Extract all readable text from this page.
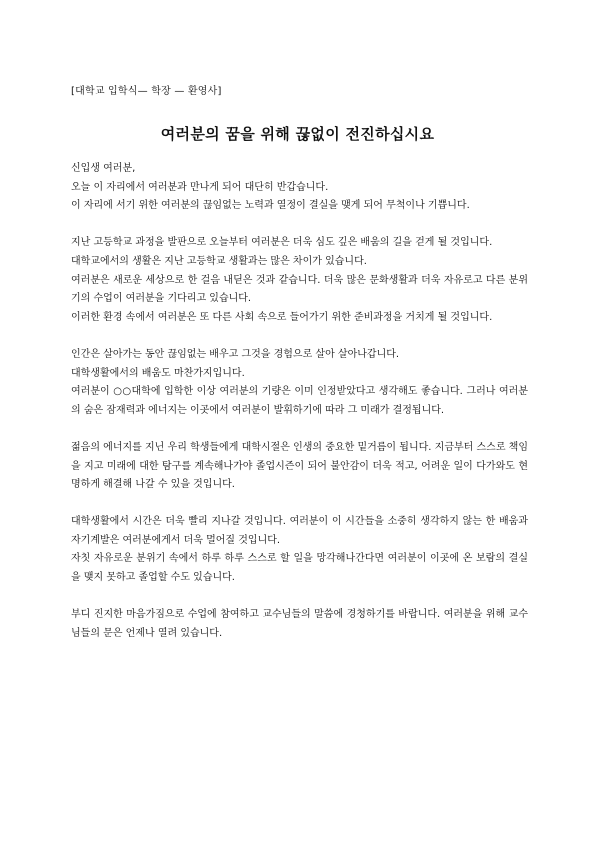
[대학교 입학식— 학장 — 환영사]
여러분의 꿈을 위해 끊없이 전진하십시요

신입생 여러분,

오늘 이 자리에서 여러분과 만나게 되어 대단히 반갑습니다.

이 자리에 서기 위한 여러분의 끊임없는 노력과 열정이 결실을 맺게 되어 무척이나 기쁩니다.

지난 고등학교 과정을 발판으로 오늘부터 여러분은 더욱 심도 깊은 배움의 길을 걷게 될 것입니다.

대학교에서의 생활은 지난 고등학교 생활과는 많은 차이가 있습니다.

여러분은 새로운 세상으로 한 걸음 내딛은 것과 같습니다. 더욱 많은 문화생활과 더욱 자유로고 다른 분위기의 수업이 여러분을 기다리고 있습니다.

이러한 환경 속에서 여러분은 또 다른 사회 속으로 들어가기 위한 준비과정을 거치게 될 것입니다.

인간은 살아가는 동안 끊임없는 배우고 그것을 경험으로 살아 살아나갑니다.

대학생활에서의 배움도 마찬가지입니다.

여러분이 ○○대학에 입학한 이상 여러분의 기량은 이미 인정받았다고 생각해도 좋습니다. 그러나 여러분의 숨은 잠재력과 에너지는 이곳에서 여러분이 발휘하기에 따라 그 미래가 결정됩니다.

젊음의 에너지를 지닌 우리 학생들에게 대학시절은 인생의 중요한 밑거름이 됩니다. 지금부터 스스로 책임을 지고 미래에 대한 탐구를 계속해나가야 졸업시즌이 되어 불안감이 더욱 적고, 어려운 일이 다가와도 현명하게 해결해 나갈 수 있을 것입니다.

대학생활에서 시간은 더욱 빨리 지나갈 것입니다. 여러분이 이 시간들을 소중히 생각하지 않는 한 배움과 자기계발은 여러분에게서 더욱 멀어질 것입니다.

자칫 자유로운 분위기 속에서 하루 하루 스스로 할 일을 망각해나간다면 여러분이 이곳에 온 보람의 결실을 맺지 못하고 졸업할 수도 있습니다.

부디 진지한 마음가짐으로 수업에 참여하고 교수님들의 말씀에 경청하기를 바랍니다. 여러분을 위해 교수님들의 문은 언제나 열려 있습니다.
